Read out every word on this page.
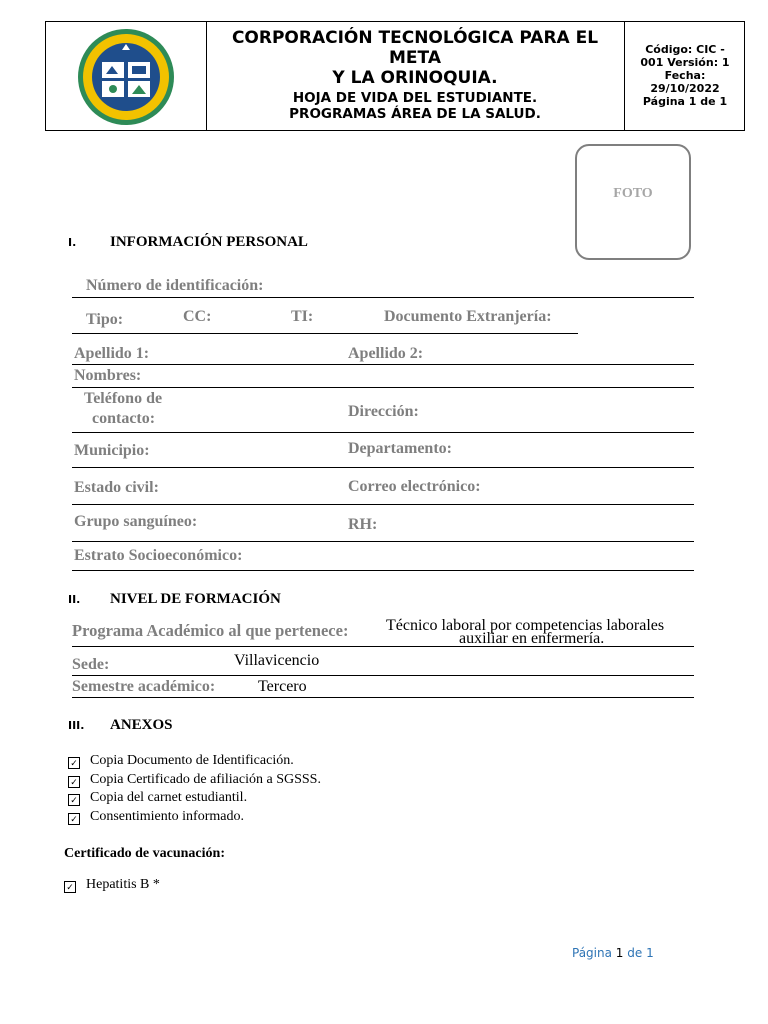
CORPORACIÓN TECNOLÓGICA PARA EL
META
Y LA ORINOQUIA.
HOJA DE VIDA DEL ESTUDIANTE.
PROGRAMAS ÁREA DE LA SALUD.
Código: CIC -
001 Versión: 1
Fecha:
29/10/2022
Página 1 de 1
FOTO
I. INFORMACIÓN PERSONAL
Número de identificación:
Tipo:	CC:	TI:	Documento Extranjería:
Apellido 1:	Apellido 2:
Nombres:
Teléfono de
contacto:	Dirección:
Municipio:	Departamento:
Estado civil:	Correo electrónico:
Grupo sanguíneo:	RH:
Estrato Socioeconómico:
II. NIVEL DE FORMACIÓN
Programa Académico al que pertenece: Técnico laboral por competencias laborales
auxiliar en enfermería.
Sede:	Villavicencio
Semestre académico:	Tercero
III. ANEXOS
✓ Copia Documento de Identificación.
✓ Copia Certificado de afiliación a SGSSS.
✓ Copia del carnet estudiantil.
✓ Consentimiento informado.
Certificado de vacunación:
✓ Hepatitis B *
Página 1 de 1
